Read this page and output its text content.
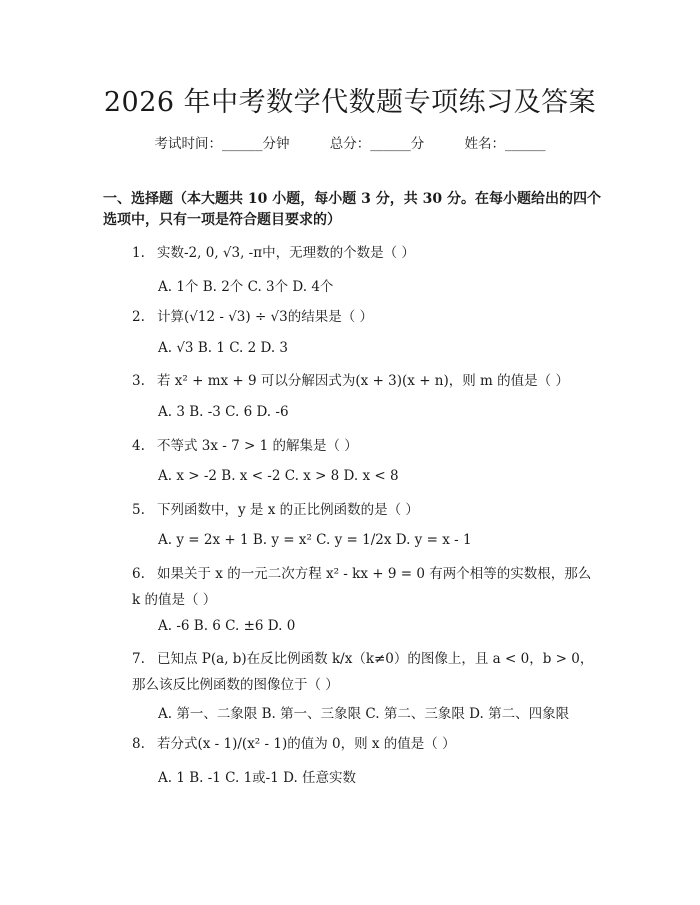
2026 年中考数学代数题专项练习及答案
考试时间：______分钟	总分：______分	姓名：______
一、选择题（本大题共 10 小题，每小题 3 分，共 30 分。在每小题给出的四个选项中，只有一项是符合题目要求的）
1. 实数-2, 0, √3, -π中，无理数的个数是（ ）
A. 1个 B. 2个 C. 3个 D. 4个
2. 计算(√12 - √3) ÷ √3的结果是（ ）
A. √3 B. 1 C. 2 D. 3
3. 若 x² + mx + 9 可以分解因式为(x + 3)(x + n)，则 m 的值是（ ）
A. 3 B. -3 C. 6 D. -6
4. 不等式 3x - 7 > 1 的解集是（ ）
A. x > -2 B. x < -2 C. x > 8 D. x < 8
5. 下列函数中，y 是 x 的正比例函数的是（ ）
A. y = 2x + 1 B. y = x² C. y = 1/2x D. y = x - 1
6. 如果关于 x 的一元二次方程 x² - kx + 9 = 0 有两个相等的实数根，那么 k 的值是（ ）
A. -6 B. 6 C. ±6 D. 0
7. 已知点 P(a, b)在反比例函数 k/x（k≠0）的图像上，且 a < 0，b > 0，那么该反比例函数的图像位于（ ）
A. 第一、二象限 B. 第一、三象限 C. 第二、三象限 D. 第二、四象限
8. 若分式(x - 1)/(x² - 1)的值为 0，则 x 的值是（ ）
A. 1 B. -1 C. 1或-1 D. 任意实数
